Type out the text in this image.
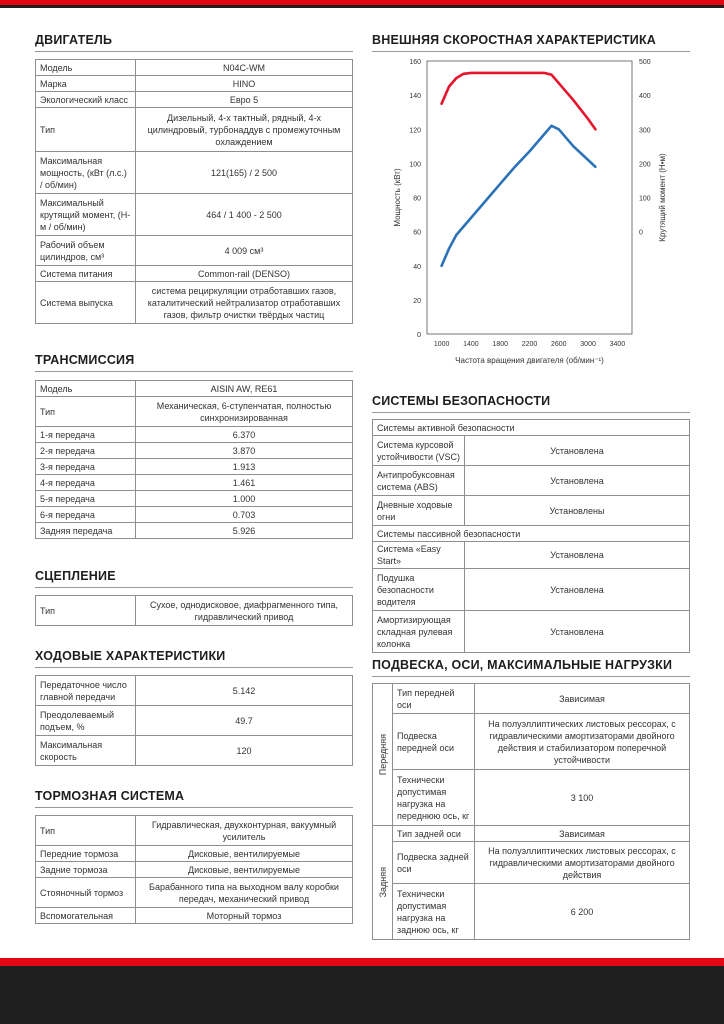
ДВИГАТЕЛЬ
Модель	N04C-WM
Марка	HINO
Экологический класс	Евро 5
Тип	Дизельный, 4-х тактный, рядный, 4-х цилиндровый, турбонаддув с промежуточным охлаждением
Максимальная мощность, (кВт (л.с.) / об/мин)	121(165) / 2 500
Максимальный крутящий момент, (Н-м / об/мин)	464 / 1 400 - 2 500
Рабочий объем цилиндров, см³	4 009 см³
Система питания	Common-rail (DENSO)
Система выпуска	система рециркуляции отработавших газов, каталитический нейтрализатор отработавших газов, фильтр очистки твёрдых частиц
ТРАНСМИССИЯ
Модель	AISIN AW, RE61
Тип	Механическая, 6-ступенчатая, полностью синхронизированная
1-я передача	6.370
2-я передача	3.870
3-я передача	1.913
4-я передача	1.461
5-я передача	1.000
6-я передача	0.703
Задняя передача	5.926
СЦЕПЛЕНИЕ
Тип	Сухое, однодисковое, диафрагменного типа, гидравлический привод
ХОДОВЫЕ ХАРАКТЕРИСТИКИ
Передаточное число главной передачи	5.142
Преодолеваемый подъем, %	49.7
Максимальная скорость	120
ТОРМОЗНАЯ СИСТЕМА
Тип	Гидравлическая, двухконтурная, вакуумный усилитель
Передние тормоза	Дисковые, вентилируемые
Задние тормоза	Дисковые, вентилируемые
Стояночный тормоз	Барабанного типа на выходном валу коробки передач, механический привод
Вспомогательная	Моторный тормоз
ВНЕШНЯЯ СКОРОСТНАЯ ХАРАКТЕРИСТИКА
0
20
40
60
80
100
120
140
160
0
100
200
300
400
500
1000 1400 1800 2200 2600 3000 3400
Мощность (кВт)	Крутящий момент (Н•м)
Частота вращения двигателя (об/мин⁻¹)
СИСТЕМЫ БЕЗОПАСНОСТИ
Системы активной безопасности	
Система курсовой устойчивости (VSC)	Установлена
Антипробуксовная система (ABS)	Установлена
Дневные ходовые огни	Установлены
Системы пассивной безопасности	
Система «Easy Start»	Установлена
Подушка безопасности водителя	Установлена
Амортизирующая складная рулевая колонка	Установлена
ПОДВЕСКА, ОСИ, МАКСИМАЛЬНЫЕ НАГРУЗКИ
Передняя	Тип передней оси	Зависимая
	Подвеска передней оси	На полуэллиптических листовых рессорах, с гидравлическими амортизаторами двойного действия и стабилизатором поперечной устойчивости
	Технически допустимая нагрузка на переднюю ось, кг	3 100

Задняя	Тип задней оси	Зависимая
	Подвеска задней оси	На полуэллиптических листовых рессорах, с гидравлическими амортизаторами двойного действия
	Технически допустимая нагрузка на заднюю ось, кг	6 200
